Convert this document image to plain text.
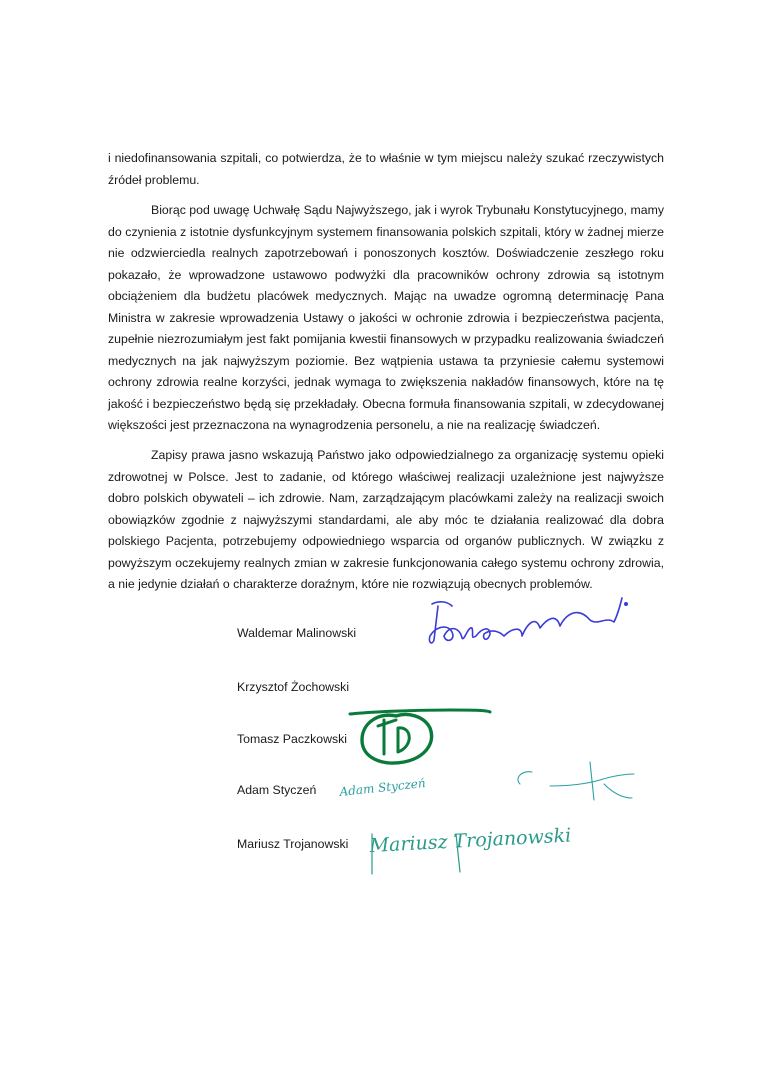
i niedofinansowania szpitali, co potwierdza, że to właśnie w tym miejscu należy szukać rzeczywistych źródeł problemu.

Biorąc pod uwagę Uchwałę Sądu Najwyższego, jak i wyrok Trybunału Konstytucyjnego, mamy do czynienia z istotnie dysfunkcyjnym systemem finansowania polskich szpitali, który w żadnej mierze nie odzwierciedla realnych zapotrzebowań i ponoszonych kosztów. Doświadczenie zeszłego roku pokazało, że wprowadzone ustawowo podwyżki dla pracowników ochrony zdrowia są istotnym obciążeniem dla budżetu placówek medycznych. Mając na uwadze ogromną determinację Pana Ministra w zakresie wprowadzenia Ustawy o jakości w ochronie zdrowia i bezpieczeństwa pacjenta, zupełnie niezrozumiałym jest fakt pomijania kwestii finansowych w przypadku realizowania świadczeń medycznych na jak najwyższym poziomie. Bez wątpienia ustawa ta przyniesie całemu systemowi ochrony zdrowia realne korzyści, jednak wymaga to zwiększenia nakładów finansowych, które na tę jakość i bezpieczeństwo będą się przekładały. Obecna formuła finansowania szpitali, w zdecydowanej większości jest przeznaczona na wynagrodzenia personelu, a nie na realizację świadczeń.

Zapisy prawa jasno wskazują Państwo jako odpowiedzialnego za organizację systemu opieki zdrowotnej w Polsce. Jest to zadanie, od którego właściwej realizacji uzależnione jest najwyższe dobro polskich obywateli – ich zdrowie. Nam, zarządzającym placówkami zależy na realizacji swoich obowiązków zgodnie z najwyższymi standardami, ale aby móc te działania realizować dla dobra polskiego Pacjenta, potrzebujemy odpowiedniego wsparcia od organów publicznych. W związku z powyższym oczekujemy realnych zmian w zakresie funkcjonowania całego systemu ochrony zdrowia, a nie jedynie działań o charakterze doraźnym, które nie rozwiązują obecnych problemów.

Waldemar Malinowski
Krzysztof Żochowski
Tomasz Paczkowski
Adam Styczeń
Mariusz Trojanowski
Adam Styczeń
Mariusz Trojanowski
